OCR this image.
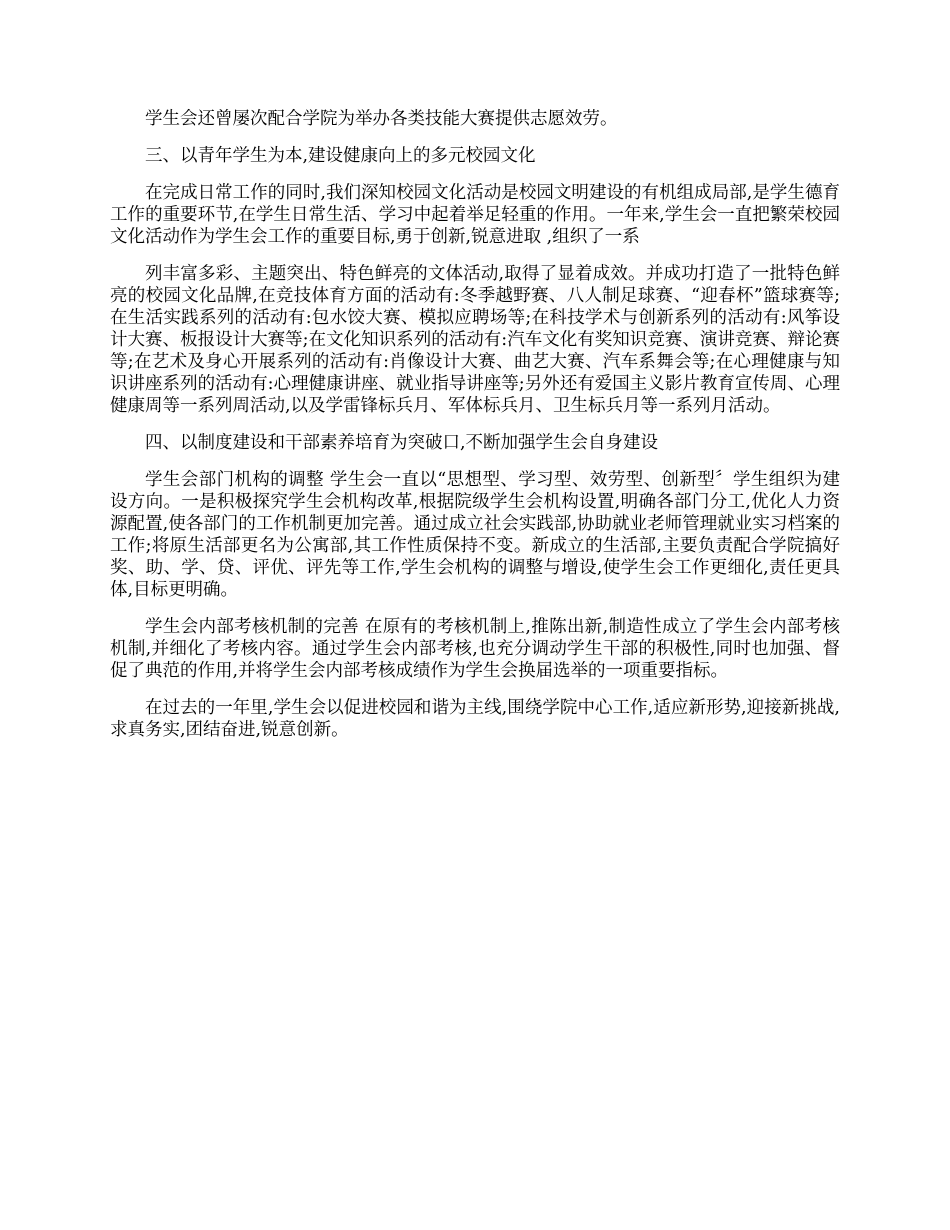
学生会还曾屡次配合学院为举办各类技能大赛提供志愿效劳。

三、以青年学生为本,建设健康向上的多元校园文化

在完成日常工作的同时,我们深知校园文化活动是校园文明建设的有机组成局部,是学生德育工作的重要环节,在学生日常生活、学习中起着举足轻重的作用。一年来,学生会一直把繁荣校园文化活动作为学生会工作的重要目标,勇于创新,锐意进取 ,组织了一系

列丰富多彩、主题突出、特色鲜亮的文体活动,取得了显着成效。并成功打造了一批特色鲜亮的校园文化品牌,在竞技体育方面的活动有:冬季越野赛、八人制足球赛、“迎春杯”篮球赛等;在生活实践系列的活动有:包水饺大赛、模拟应聘场等;在科技学术与创新系列的活动有:风筝设计大赛、板报设计大赛等;在文化知识系列的活动有:汽车文化有奖知识竞赛、演讲竞赛、辩论赛等;在艺术及身心开展系列的活动有:肖像设计大赛、曲艺大赛、汽车系舞会等;在心理健康与知识讲座系列的活动有:心理健康讲座、就业指导讲座等;另外还有爱国主义影片教育宣传周、心理健康周等一系列周活动,以及学雷锋标兵月、军体标兵月、卫生标兵月等一系列月活动。

四、以制度建设和干部素养培育为突破口,不断加强学生会自身建设

学生会部门机构的调整 学生会一直以“思想型、学习型、效劳型、创新型〞学生组织为建设方向。一是积极探究学生会机构改革,根据院级学生会机构设置,明确各部门分工,优化人力资源配置,使各部门的工作机制更加完善。通过成立社会实践部,协助就业老师管理就业实习档案的工作;将原生活部更名为公寓部,其工作性质保持不变。新成立的生活部,主要负责配合学院搞好奖、助、学、贷、评优、评先等工作,学生会机构的调整与增设,使学生会工作更细化,责任更具体,目标更明确。

学生会内部考核机制的完善 在原有的考核机制上,推陈出新,制造性成立了学生会内部考核机制,并细化了考核内容。通过学生会内部考核,也充分调动学生干部的积极性,同时也加强、督促了典范的作用,并将学生会内部考核成绩作为学生会换届选举的一项重要指标。

在过去的一年里,学生会以促进校园和谐为主线,围绕学院中心工作,适应新形势,迎接新挑战,求真务实,团结奋进,锐意创新。
